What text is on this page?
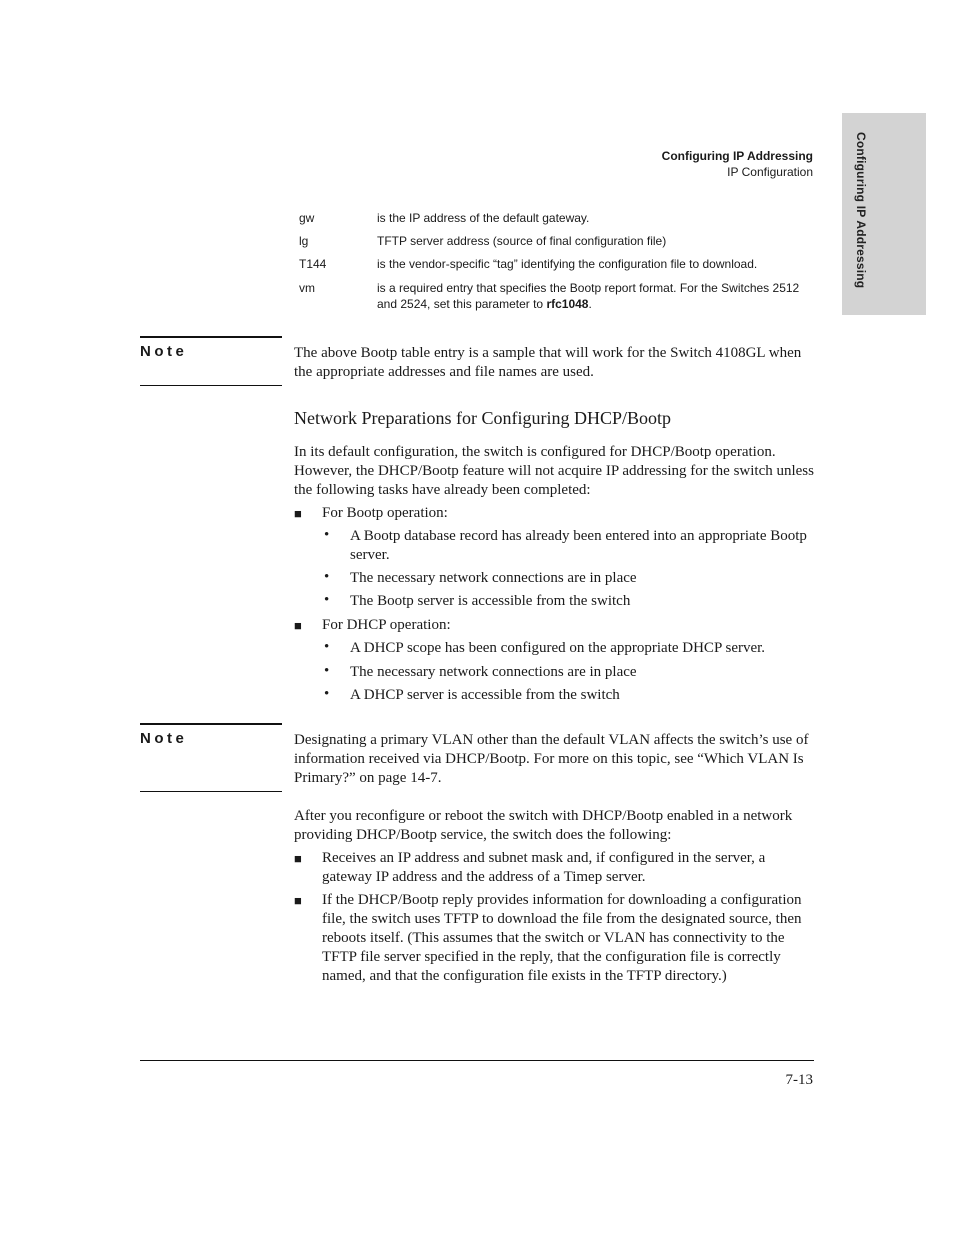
Configuring IP Addressing
Configuring IP Addressing
IP Configuration
gw	is the IP address of the default gateway.
lg	TFTP server address (source of final configuration file)
T144	is the vendor-specific “tag” identifying the configuration file to download.
vm	is a required entry that specifies the Bootp report format. For the Switches 2512 and 2524, set this parameter to rfc1048.
Note	The above Bootp table entry is a sample that will work for the Switch 4108GL when the appropriate addresses and file names are used.
Network Preparations for Configuring DHCP/Bootp
In its default configuration, the switch is configured for DHCP/Bootp operation. However, the DHCP/Bootp feature will not acquire IP addressing for the switch unless the following tasks have already been completed:
■ For Bootp operation:
• A Bootp database record has already been entered into an appropriate Bootp server.
• The necessary network connections are in place
• The Bootp server is accessible from the switch
■ For DHCP operation:
• A DHCP scope has been configured on the appropriate DHCP server.
• The necessary network connections are in place
• A DHCP server is accessible from the switch
Note	Designating a primary VLAN other than the default VLAN affects the switch’s use of information received via DHCP/Bootp. For more on this topic, see “Which VLAN Is Primary?” on page 14-7.
After you reconfigure or reboot the switch with DHCP/Bootp enabled in a network providing DHCP/Bootp service, the switch does the following:
■ Receives an IP address and subnet mask and, if configured in the server, a gateway IP address and the address of a Timep server.
■ If the DHCP/Bootp reply provides information for downloading a configuration file, the switch uses TFTP to download the file from the designated source, then reboots itself. (This assumes that the switch or VLAN has connectivity to the TFTP file server specified in the reply, that the configuration file is correctly named, and that the configuration file exists in the TFTP directory.)
7-13
